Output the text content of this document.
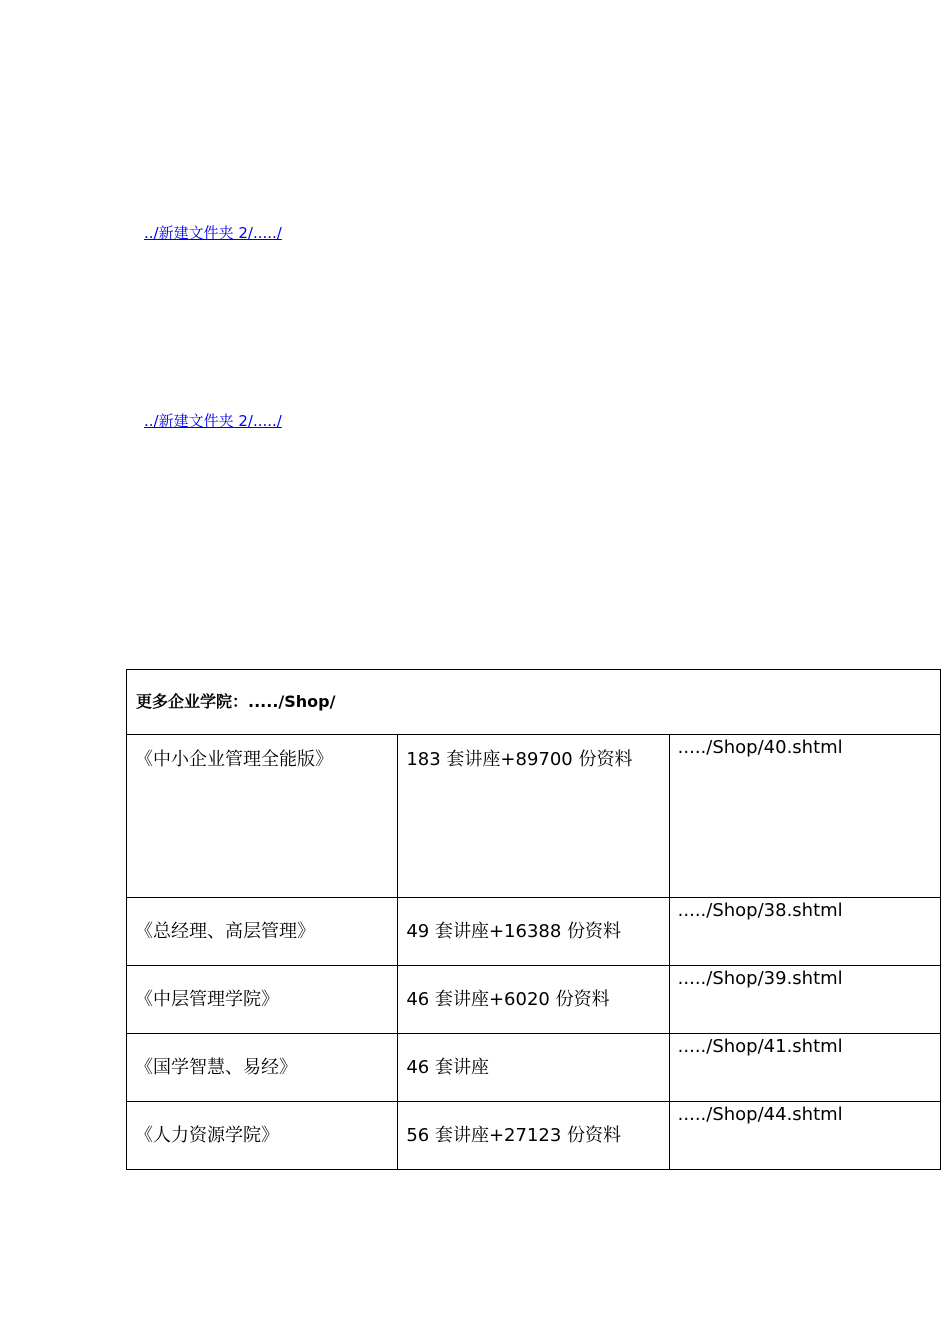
../新建文件夹 2/...../
../新建文件夹 2/...../
更多企业学院：...../Shop/		

《中小企业管理全能版》	183 套讲座+89700 份资料	...../Shop/40.shtml
《总经理、高层管理》	49 套讲座+16388 份资料	...../Shop/38.shtml
《中层管理学院》	46 套讲座+6020 份资料	...../Shop/39.shtml
《国学智慧、易经》	46 套讲座	...../Shop/41.shtml
《人力资源学院》	56 套讲座+27123 份资料	...../Shop/44.shtml
